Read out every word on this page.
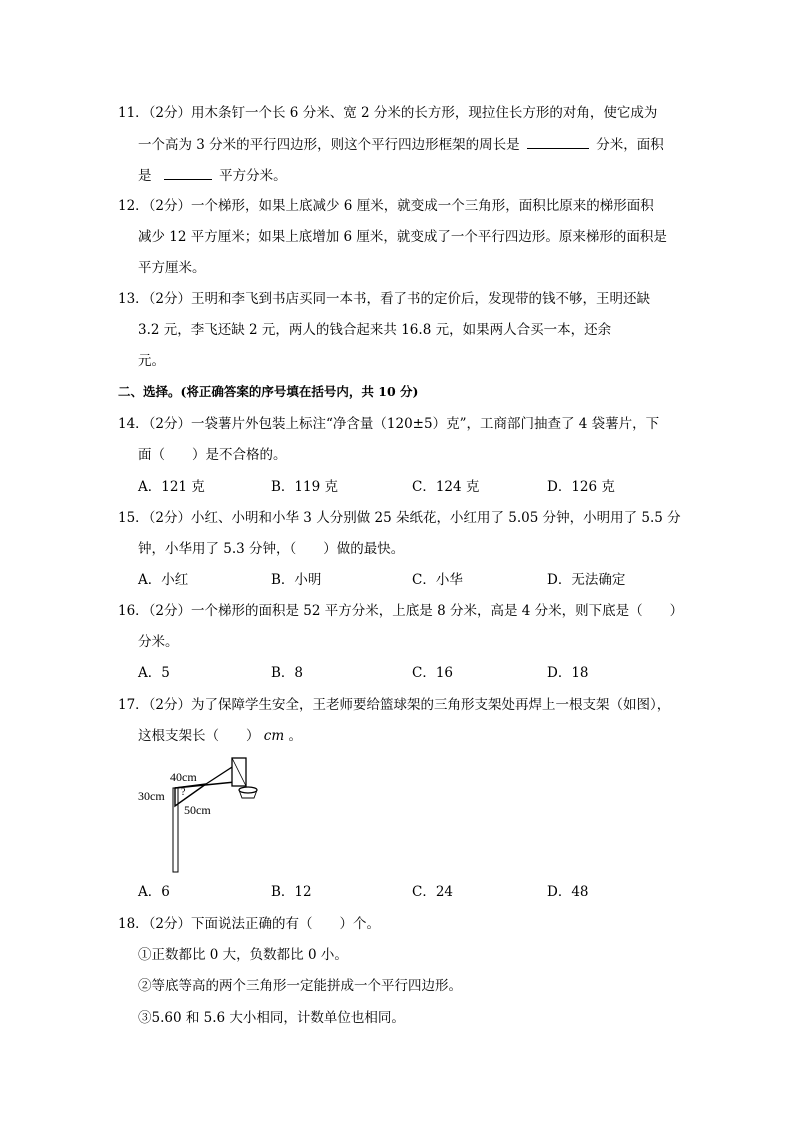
11．（2分）用木条钉一个长 6 分米、宽 2 分米的长方形，现拉住长方形的对角，使它成为
一个高为 3 分米的平行四边形，则这个平行四边形框架的周长是	分米，面积
是	平方分米。
12．（2分）一个梯形，如果上底减少 6 厘米，就变成一个三角形，面积比原来的梯形面积
减少 12 平方厘米；如果上底增加 6 厘米，就变成了一个平行四边形。原来梯形的面积是
平方厘米。
13．（2分）王明和李飞到书店买同一本书，看了书的定价后，发现带的钱不够，王明还缺
3.2 元，李飞还缺 2 元，两人的钱合起来共 16.8 元，如果两人合买一本，还余
元。
二、选择。(将正确答案的序号填在括号内，共 10 分)
14．（2分）一袋薯片外包装上标注“净含量（120±5）克”，工商部门抽查了 4 袋薯片，下
面（　　）是不合格的。
A．121 克	B．119 克	C．124 克	D．126 克
15．（2分）小红、小明和小华 3 人分别做 25 朵纸花，小红用了 5.05 分钟，小明用了 5.5 分
钟，小华用了 5.3 分钟，（　　）做的最快。
A．小红	B．小明	C．小华	D．无法确定
16．（2分）一个梯形的面积是 52 平方分米，上底是 8 分米，高是 4 分米，则下底是（　　）
分米。
A．5	B．8	C．16	D．18
17．（2分）为了保障学生安全，王老师要给篮球架的三角形支架处再焊上一根支架（如图），
这根支架长（　　） cm 。
40cm
30cm
50cm
?
A．6	B．12	C．24	D．48
18．（2分）下面说法正确的有（　　）个。
①正数都比 0 大，负数都比 0 小。
②等底等高的两个三角形一定能拼成一个平行四边形。
③5.60 和 5.6 大小相同，计数单位也相同。
